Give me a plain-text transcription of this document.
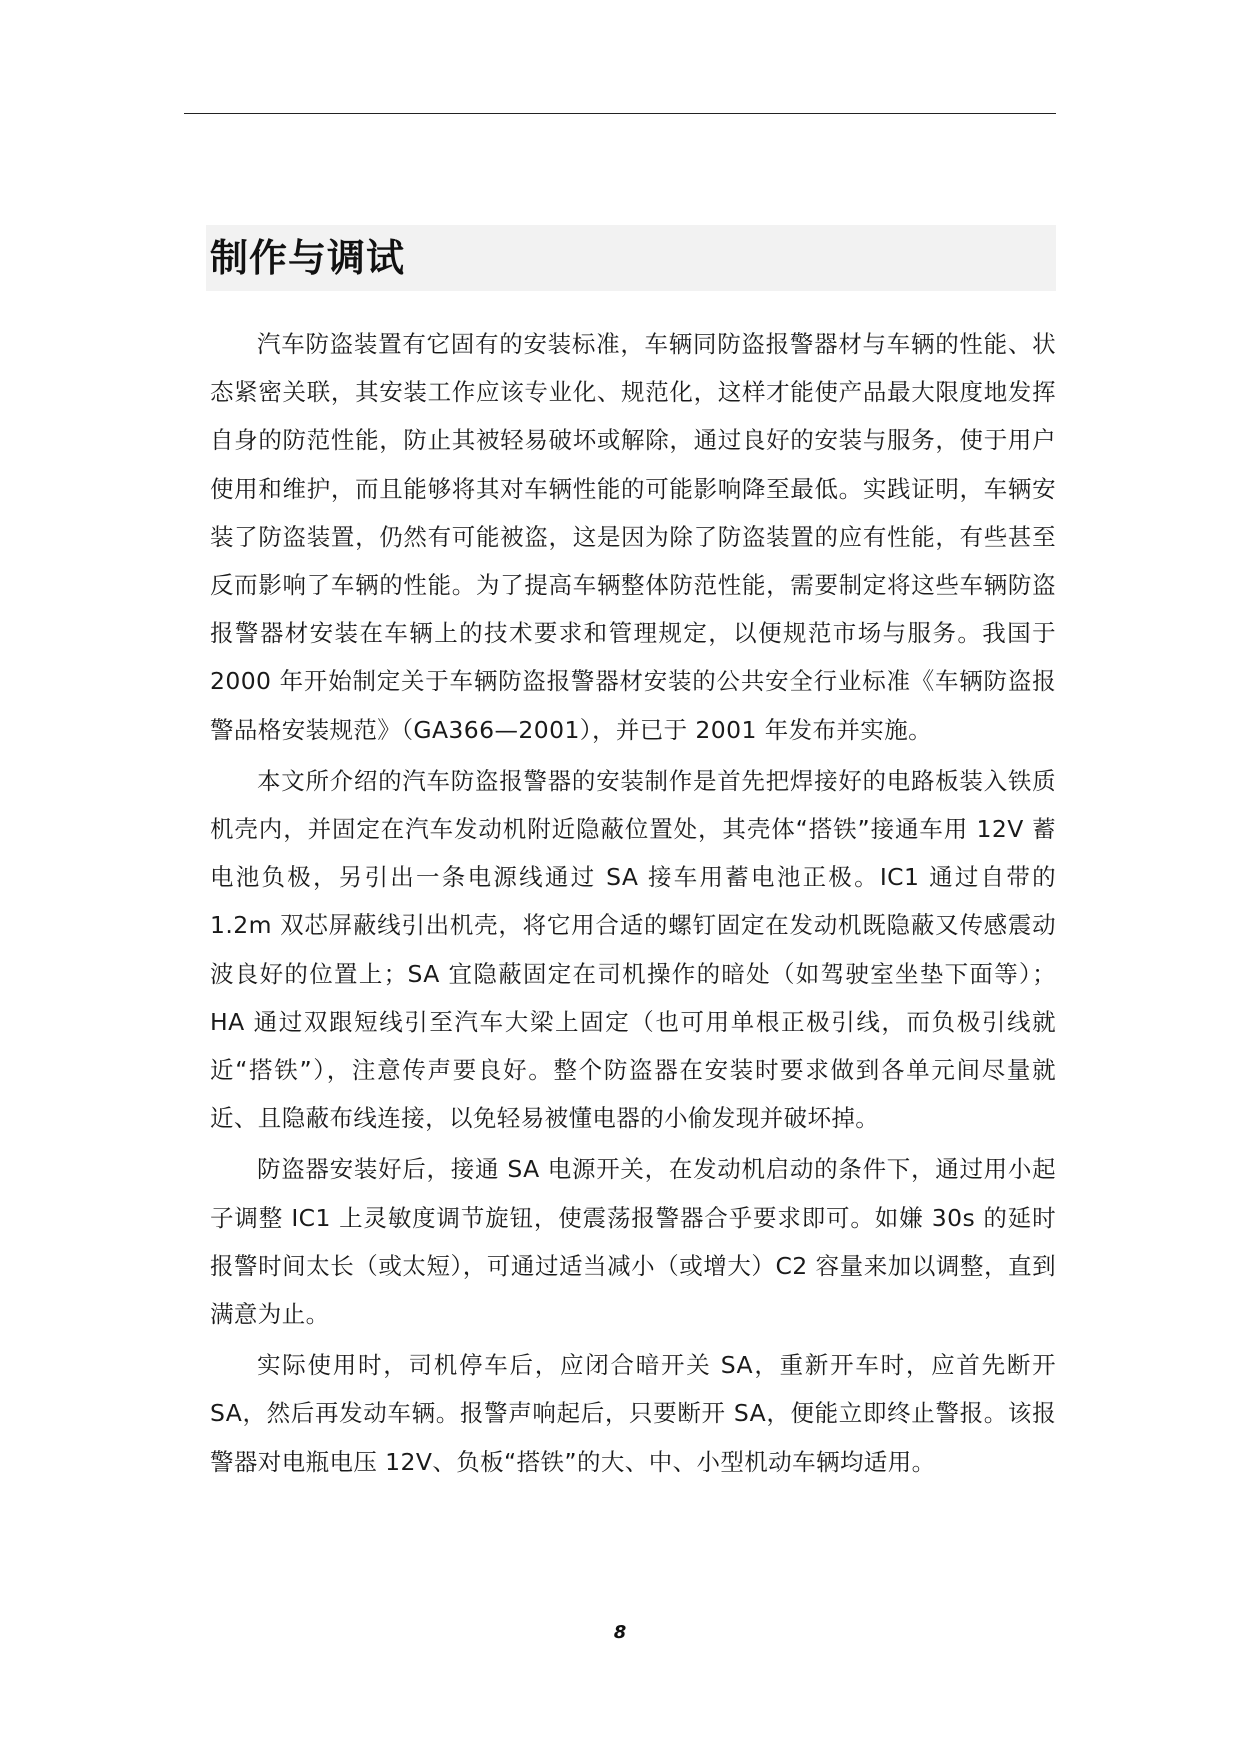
制作与调试

汽车防盗装置有它固有的安装标准，车辆同防盗报警器材与车辆的性能、状态紧密关联，其安装工作应该专业化、规范化，这样才能使产品最大限度地发挥自身的防范性能，防止其被轻易破坏或解除，通过良好的安装与服务，使于用户使用和维护，而且能够将其对车辆性能的可能影响降至最低。实践证明，车辆安装了防盗装置，仍然有可能被盗，这是因为除了防盗装置的应有性能，有些甚至反而影响了车辆的性能。为了提高车辆整体防范性能，需要制定将这些车辆防盗报警器材安装在车辆上的技术要求和管理规定，以便规范市场与服务。我国于 2000 年开始制定关于车辆防盗报警器材安装的公共安全行业标准《车辆防盗报警品格安装规范》（GA366—2001），并已于 2001 年发布并实施。

本文所介绍的汽车防盗报警器的安装制作是首先把焊接好的电路板装入铁质机壳内，并固定在汽车发动机附近隐蔽位置处，其壳体“搭铁”接通车用 12V 蓄电池负极，另引出一条电源线通过 SA 接车用蓄电池正极。IC1 通过自带的 1.2m 双芯屏蔽线引出机壳，将它用合适的螺钉固定在发动机既隐蔽又传感震动波良好的位置上；SA 宜隐蔽固定在司机操作的暗处（如驾驶室坐垫下面等）；HA 通过双跟短线引至汽车大梁上固定（也可用单根正极引线，而负极引线就近“搭铁”），注意传声要良好。整个防盗器在安装时要求做到各单元间尽量就近、且隐蔽布线连接，以免轻易被懂电器的小偷发现并破坏掉。

防盗器安装好后，接通 SA 电源开关，在发动机启动的条件下，通过用小起子调整 IC1 上灵敏度调节旋钮，使震荡报警器合乎要求即可。如嫌 30s 的延时报警时间太长（或太短），可通过适当减小（或增大）C2 容量来加以调整，直到满意为止。

实际使用时，司机停车后，应闭合暗开关 SA，重新开车时，应首先断开 SA，然后再发动车辆。报警声响起后，只要断开 SA，便能立即终止警报。该报警器对电瓶电压 12V、负板“搭铁”的大、中、小型机动车辆均适用。

8
